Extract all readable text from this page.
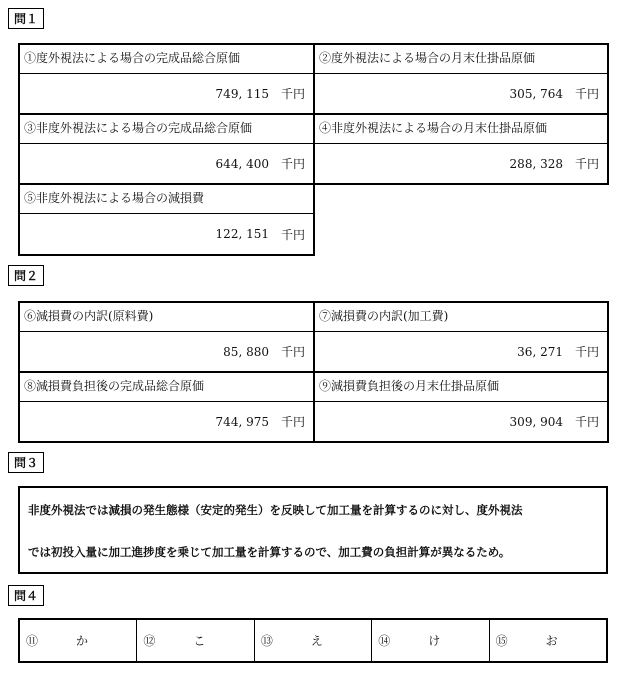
問１
①度外視法による場合の完成品総合原価
749, 115 千円
②度外視法による場合の月末仕掛品原価
305, 764 千円
③非度外視法による場合の完成品総合原価
644, 400 千円
④非度外視法による場合の月末仕掛品原価
288, 328 千円
⑤非度外視法による場合の減損費
122, 151 千円
問２
⑥減損費の内訳(原料費)
85, 880 千円
⑦減損費の内訳(加工費)
36, 271 千円
⑧減損費負担後の完成品総合原価
744, 975 千円
⑨減損費負担後の月末仕掛品原価
309, 904 千円
問３
非度外視法では減損の発生態様（安定的発生）を反映して加工量を計算するのに対し、度外視法
では初投入量に加工進捗度を乗じて加工量を計算するので、加工費の負担計算が異なるため。
問４
⑪	か	⑫	こ	⑬	え	⑭	け	⑮	お
